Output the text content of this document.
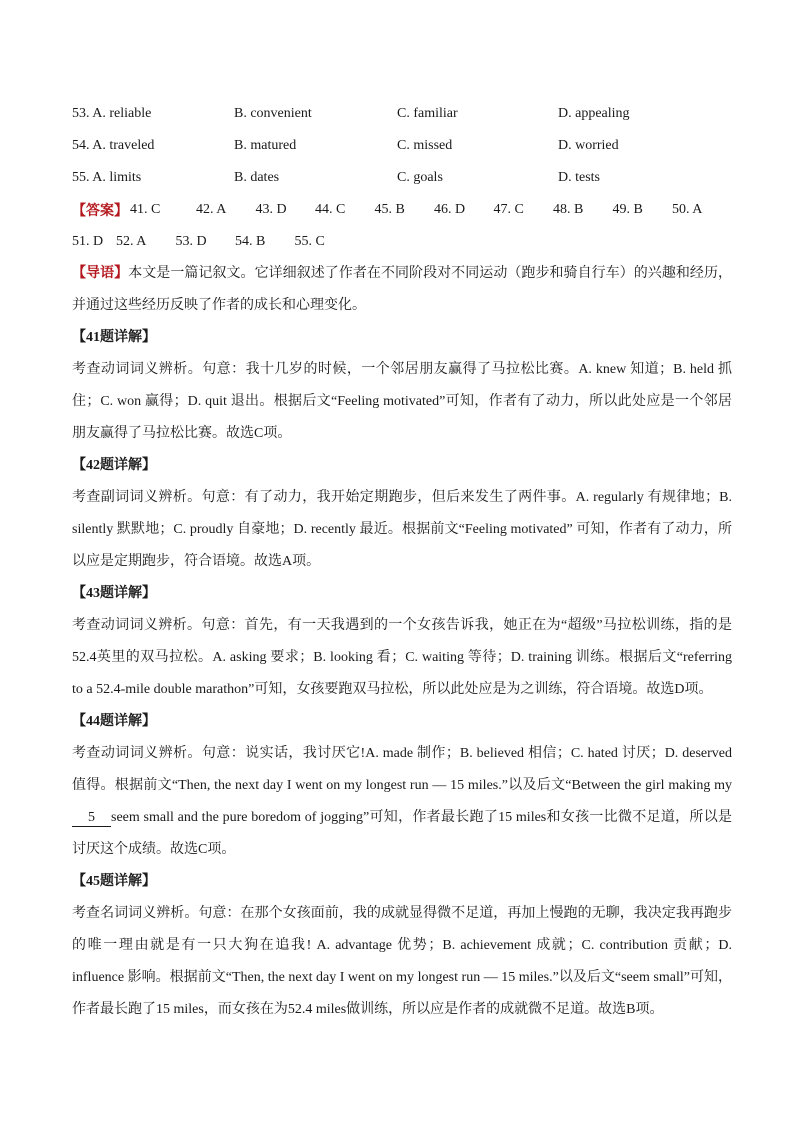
53. A. reliable	B. convenient	C. familiar	D. appealing
54. A. traveled	B. matured	C. missed	D. worried
55. A. limits	B. dates	C. goals	D. tests
【答案】 41. C	42. A	43. D	44. C	45. B	46. D	47. C	48. B	49. B	50. A
51. D 52. A	53. D	54. B	55. C

【导语】本文是一篇记叙文。它详细叙述了作者在不同阶段对不同运动（跑步和骑自行车）的兴趣和经历，并通过这些经历反映了作者的成长和心理变化。

【41题详解】

考查动词词义辨析。句意：我十几岁的时候，一个邻居朋友赢得了马拉松比赛。A. knew 知道；B. held 抓住；C. won 赢得；D. quit 退出。根据后文“Feeling motivated”可知，作者有了动力，所以此处应是一个邻居朋友赢得了马拉松比赛。故选C项。

【42题详解】

考查副词词义辨析。句意：有了动力，我开始定期跑步，但后来发生了两件事。A. regularly 有规律地；B. silently 默默地；C. proudly 自豪地；D. recently 最近。根据前文“Feeling motivated” 可知，作者有了动力，所以应是定期跑步，符合语境。故选A项。

【43题详解】

考查动词词义辨析。句意：首先，有一天我遇到的一个女孩告诉我，她正在为“超级”马拉松训练，指的是52.4英里的双马拉松。A. asking 要求；B. looking 看；C. waiting 等待；D. training 训练。根据后文“referring to a 52.4-mile double marathon”可知，女孩要跑双马拉松，所以此处应是为之训练，符合语境。故选D项。

【44题详解】

考查动词词义辨析。句意：说实话，我讨厌它!A. made 制作；B. believed 相信；C. hated 讨厌；D. deserved 值得。根据前文“Then, the next day I went on my longest run — 15 miles.”以及后文“Between the girl making my5 seem small and the pure boredom of jogging”可知，作者最长跑了15 miles和女孩一比微不足道，所以是讨厌这个成绩。故选C项。

【45题详解】

考查名词词义辨析。句意：在那个女孩面前，我的成就显得微不足道，再加上慢跑的无聊，我决定我再跑步的唯一理由就是有一只大狗在追我! A. advantage 优势；B. achievement 成就；C. contribution 贡献；D. influence 影响。根据前文“Then, the next day I went on my longest run — 15 miles.”以及后文“seem small”可知，作者最长跑了15 miles，而女孩在为52.4 miles做训练，所以应是作者的成就微不足道。故选B项。
